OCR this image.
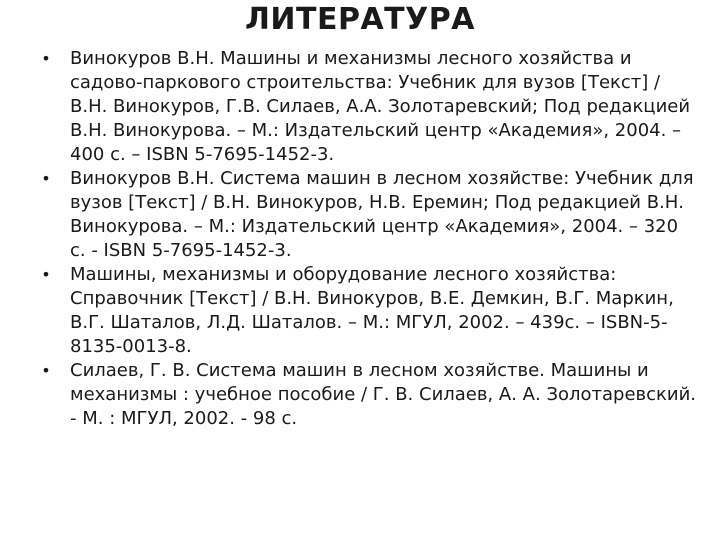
ЛИТЕРАТУРА
• Винокуров В.Н. Машины и механизмы лесного хозяйства и садово-паркового строительства: Учебник для вузов [Текст] / В.Н. Винокуров, Г.В. Силаев, А.А. Золотаревский; Под редакцией В.Н. Винокурова. – М.: Издательский центр «Академия», 2004. – 400 с. – ISBN 5-7695-1452-3.
• Винокуров В.Н. Система машин в лесном хозяйстве: Учебник для вузов [Текст] / В.Н. Винокуров, Н.В. Еремин; Под редакцией В.Н. Винокурова. – М.: Издательский центр «Академия», 2004. – 320 с. - ISBN 5-7695-1452-3.
• Машины, механизмы и оборудование лесного хозяйства: Справочник [Текст] / В.Н. Винокуров, В.Е. Демкин, В.Г. Маркин, В.Г. Шаталов, Л.Д. Шаталов. – М.: МГУЛ, 2002. – 439с. – ISBN-5-8135-0013-8.
• Силаев, Г. В. Система машин в лесном хозяйстве. Машины и механизмы : учебное пособие / Г. В. Силаев, А. А. Золотаревский. - М. : МГУЛ, 2002. - 98 с.
